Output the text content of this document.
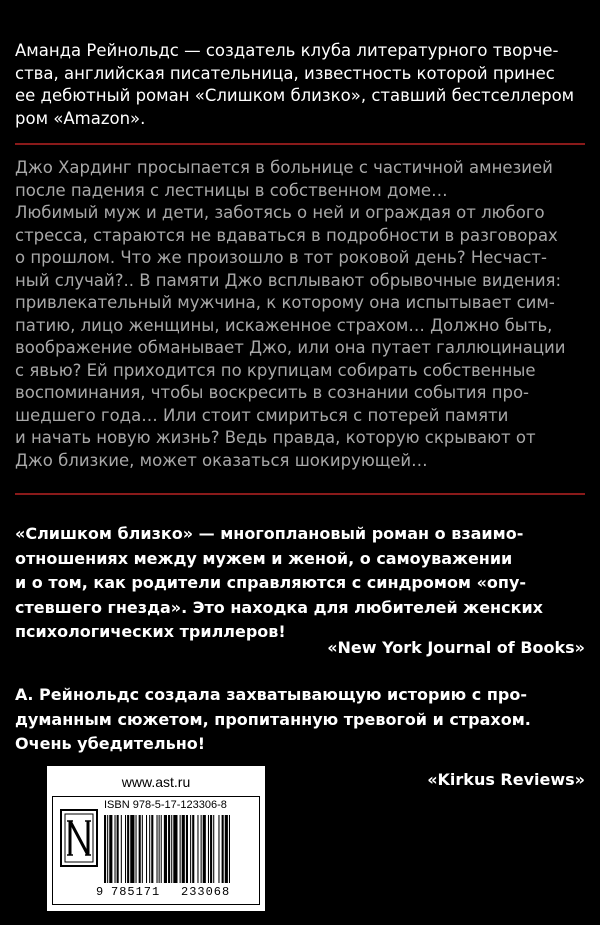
Аманда Рейнольдс — создатель клуба литературного творче-
ства, английская писательница, известность которой принес
ее дебютный роман «Слишком близко», ставший бестселлером
ром «Amazon».

Джо Хардинг просыпается в больнице с частичной амнезией
после падения с лестницы в собственном доме…
Любимый муж и дети, заботясь о ней и ограждая от любого
стресса, стараются не вдаваться в подробности в разговорах
о прошлом. Что же произошло в тот роковой день? Несчаст-
ный случай?.. В памяти Джо всплывают обрывочные видения:
привлекательный мужчина, к которому она испытывает сим-
патию, лицо женщины, искаженное страхом… Должно быть,
воображение обманывает Джо, или она путает галлюцинации
с явью? Ей приходится по крупицам собирать собственные
воспоминания, чтобы воскресить в сознании события про-
шедшего года… Или стоит смириться с потерей памяти
и начать новую жизнь? Ведь правда, которую скрывают от
Джо близкие, может оказаться шокирующей…

«Слишком близко» — многоплановый роман о взаимо-
отношениях между мужем и женой, о самоуважении
и о том, как родители справляются с синдромом «опу-
стевшего гнезда». Это находка для любителей женских
психологических триллеров!

«New York Journal of Books»

А. Рейнольдс создала захватывающую историю с про-
думанным сюжетом, пропитанную тревогой и страхом.
Очень убедительно!

«Kirkus Reviews»
www.ast.ru
ISBN 978-5-17-123306-8
9 785171 233068
